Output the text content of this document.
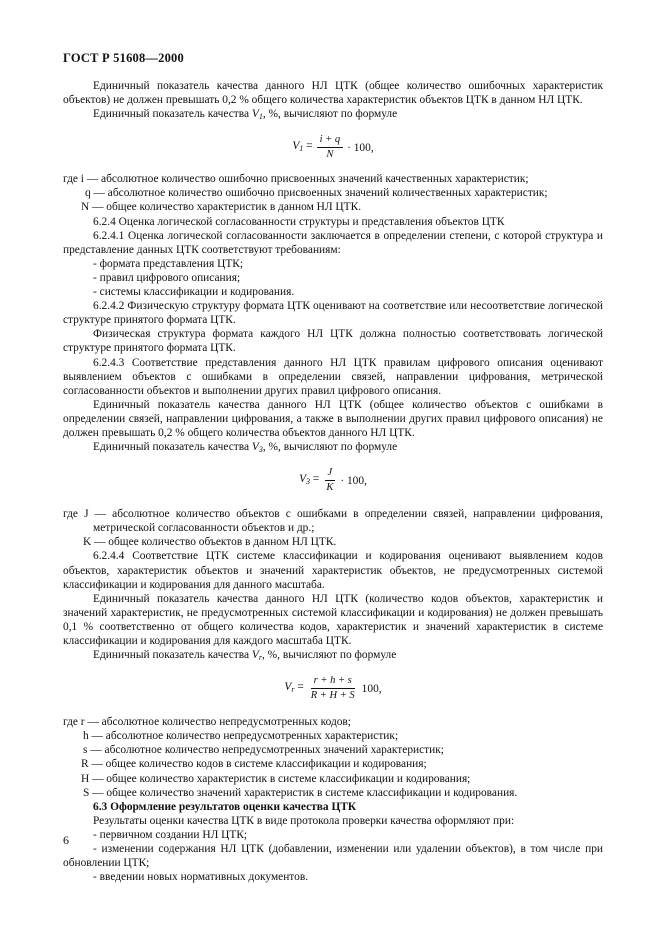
ГОСТ Р 51608—2000

Единичный показатель качества данного НЛ ЦТК (общее количество ошибочных характеристик объектов) не должен превышать 0,2 % общего количества характеристик объектов ЦТК в данном НЛ ЦТК.

Единичный показатель качества $V_1$, %, вычисляют по формуле

$V_1 = \frac{i + q}{N} \cdot 100$,

где i — абсолютное количество ошибочно присвоенных значений качественных характеристик;

q — абсолютное количество ошибочно присвоенных значений количественных характеристик;

N — общее количество характеристик в данном НЛ ЦТК.

6.2.4 Оценка логической согласованности структуры и представления объектов ЦТК

6.2.4.1 Оценка логической согласованности заключается в определении степени, с которой структура и представление данных ЦТК соответствуют требованиям:

- формата представления ЦТК;

- правил цифрового описания;

- системы классификации и кодирования.

6.2.4.2 Физическую структуру формата ЦТК оценивают на соответствие или несоответствие логической структуре принятого формата ЦТК.

Физическая структура формата каждого НЛ ЦТК должна полностью соответствовать логической структуре принятого формата ЦТК.

6.2.4.3 Соответствие представления данного НЛ ЦТК правилам цифрового описания оценивают выявлением объектов с ошибками в определении связей, направлении цифрования, метрической согласованности объектов и выполнении других правил цифрового описания.

Единичный показатель качества данного НЛ ЦТК (общее количество объектов с ошибками в определении связей, направлении цифрования, а также в выполнении других правил цифрового описания) не должен превышать 0,2 % общего количества объектов данного НЛ ЦТК.

Единичный показатель качества $V_3$, %, вычисляют по формуле

$V_3 = \frac{J}{K} \cdot 100$,

где J — абсолютное количество объектов с ошибками в определении связей, направлении цифрования, метрической согласованности объектов и др.;

K — общее количество объектов в данном НЛ ЦТК.

6.2.4.4 Соответствие ЦТК системе классификации и кодирования оценивают выявлением кодов объектов, характеристик объектов и значений характеристик объектов, не предусмотренных системой классификации и кодирования для данного масштаба.

Единичный показатель качества данного НЛ ЦТК (количество кодов объектов, характеристик и значений характеристик, не предусмотренных системой классификации и кодирования) не должен превышать 0,1 % соответственно от общего количества кодов, характеристик и значений характеристик в системе классификации и кодирования для каждого масштаба ЦТК.

Единичный показатель качества $V_r$, %, вычисляют по формуле

$V_r = \frac{r + h + s}{R + H + S} 100$,

где r — абсолютное количество непредусмотренных кодов;

h — абсолютное количество непредусмотренных характеристик;

s — абсолютное количество непредусмотренных значений характеристик;

R — общее количество кодов в системе классификации и кодирования;

H — общее количество характеристик в системе классификации и кодирования;

S — общее количество значений характеристик в системе классификации и кодирования.

6.3 Оформление результатов оценки качества ЦТК

Результаты оценки качества ЦТК в виде протокола проверки качества оформляют при:

- первичном создании НЛ ЦТК;

- изменении содержания НЛ ЦТК (добавлении, изменении или удалении объектов), в том числе при обновлении ЦТК;

- введении новых нормативных документов.

6
